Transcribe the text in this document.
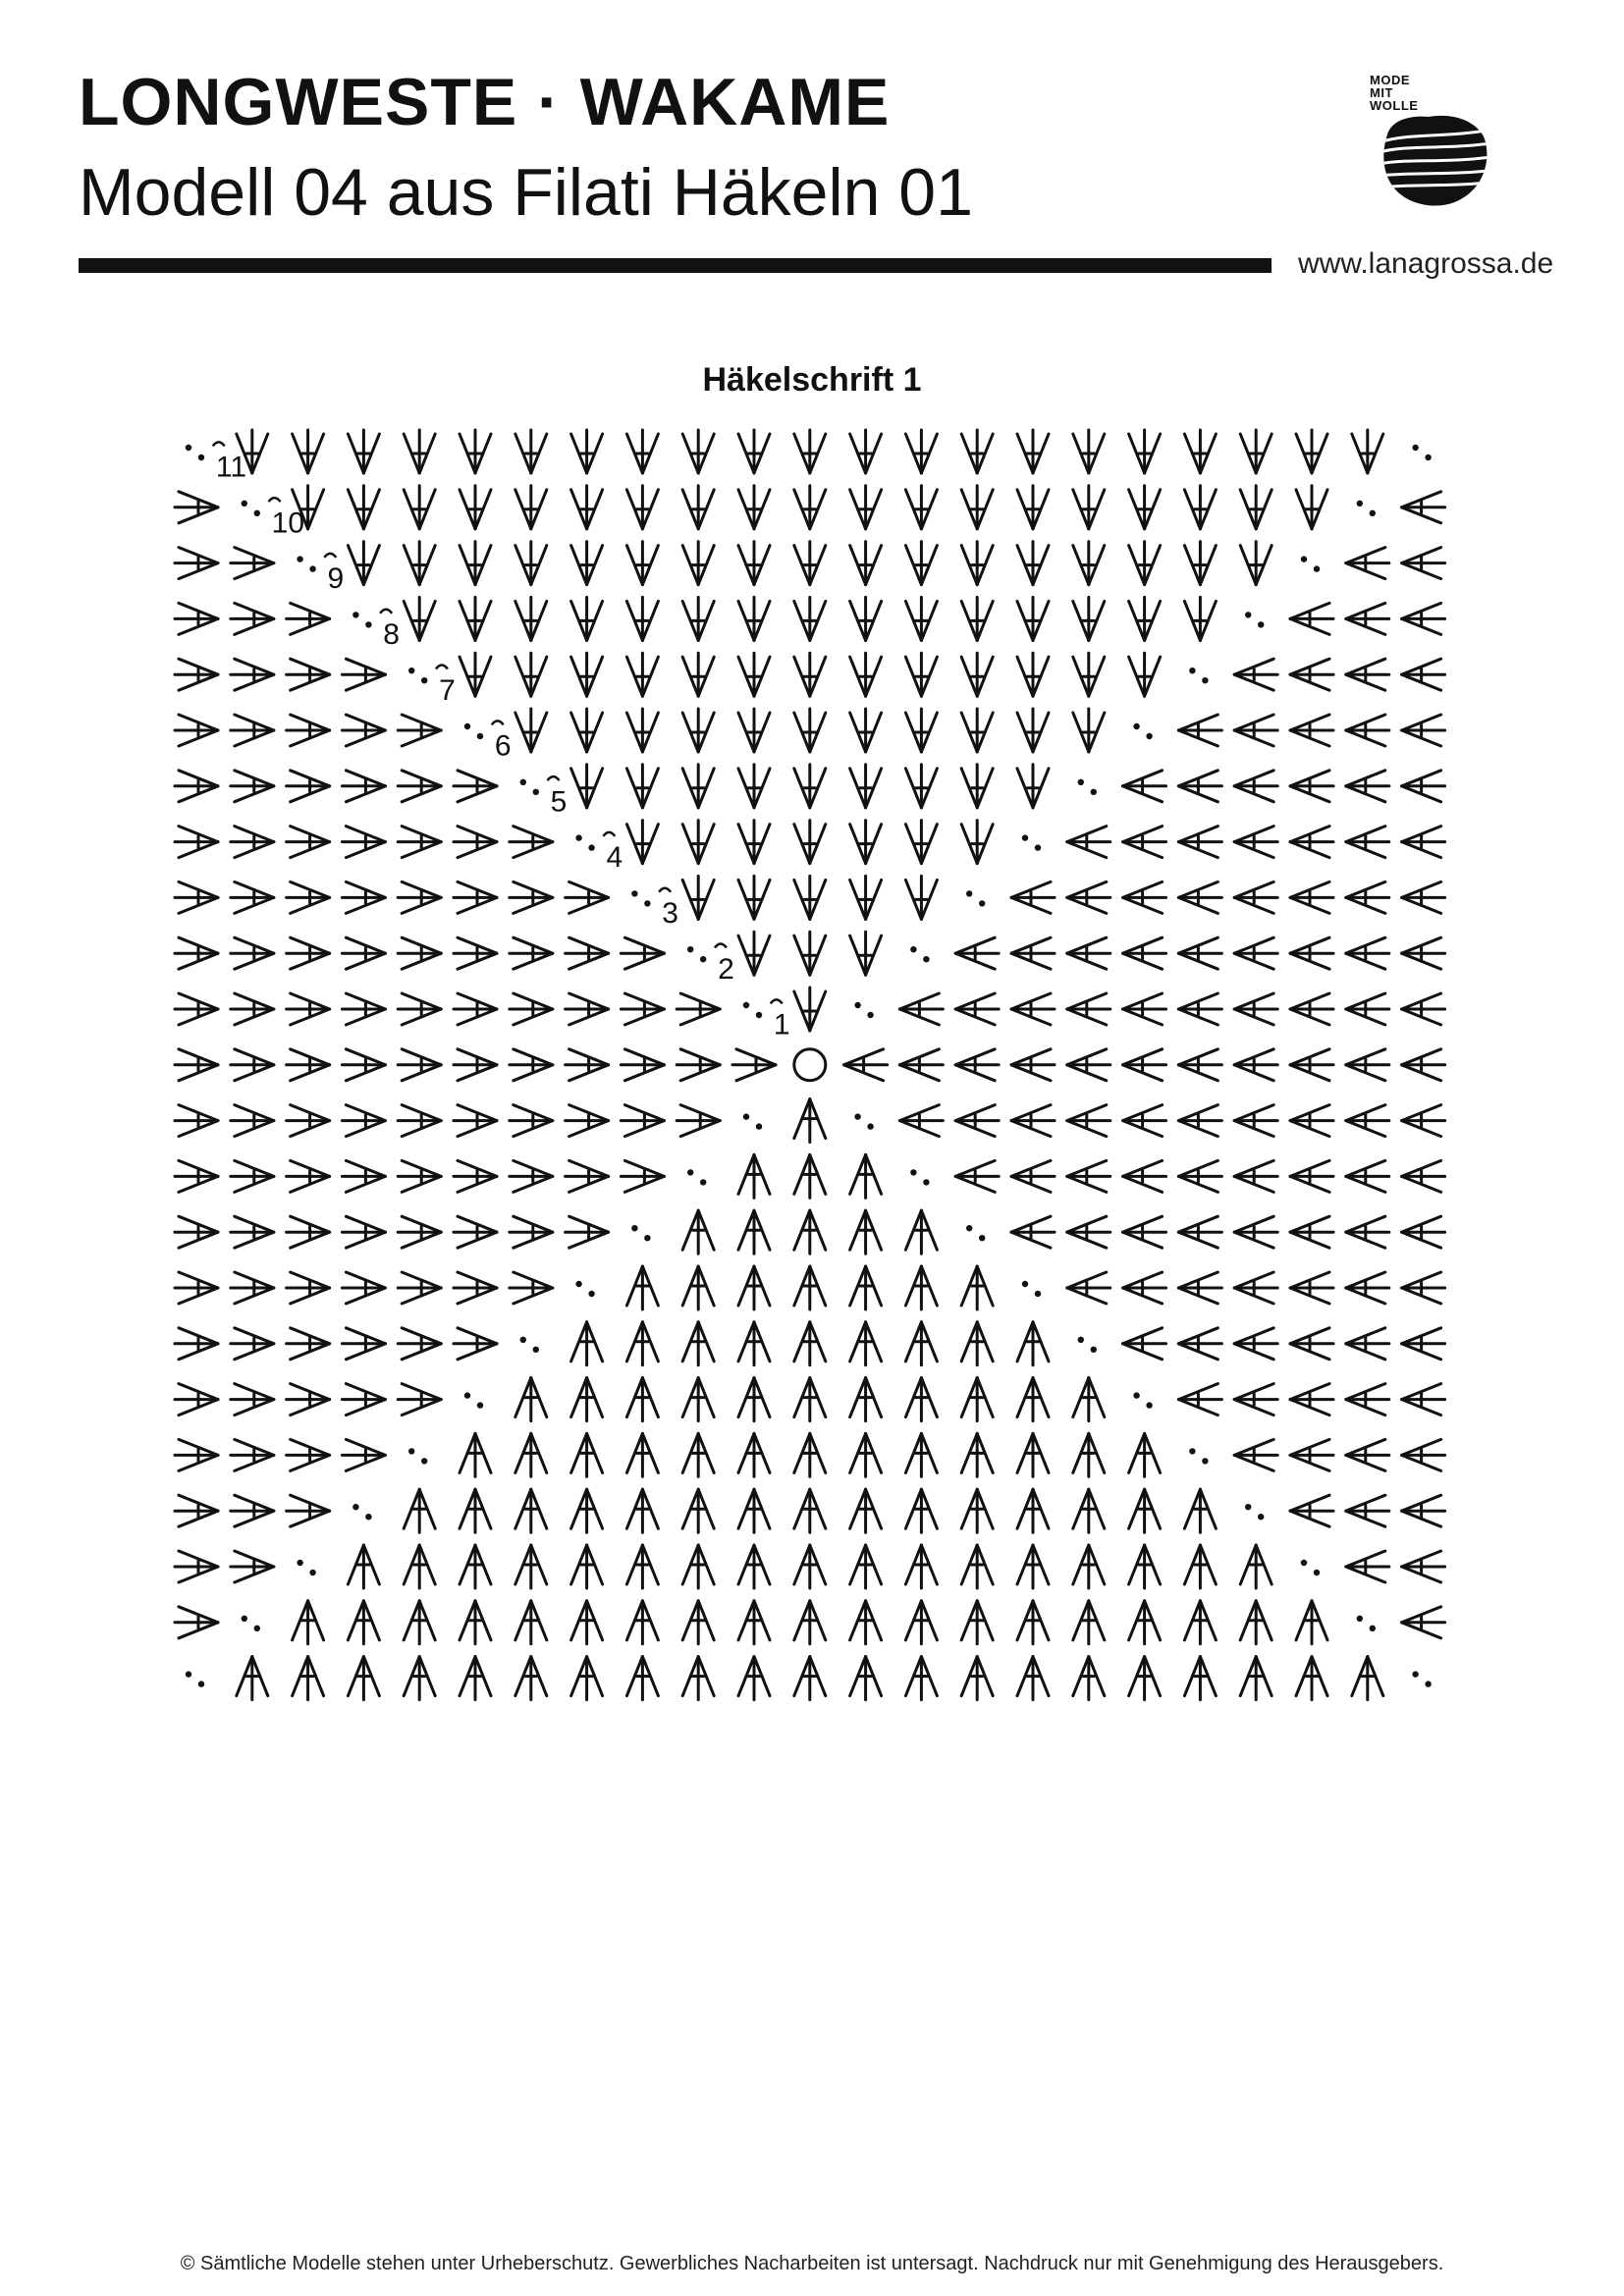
LONGWESTE · WAKAME
Modell 04 aus Filati Häkeln 01
MODE
MIT
WOLLE
www.lanagrossa.de
Häkelschrift 1
1
2
3
4
5
6
7
8
9
10
11
© Sämtliche Modelle stehen unter Urheberschutz. Gewerbliches Nacharbeiten ist untersagt. Nachdruck nur mit Genehmigung des Herausgebers.
